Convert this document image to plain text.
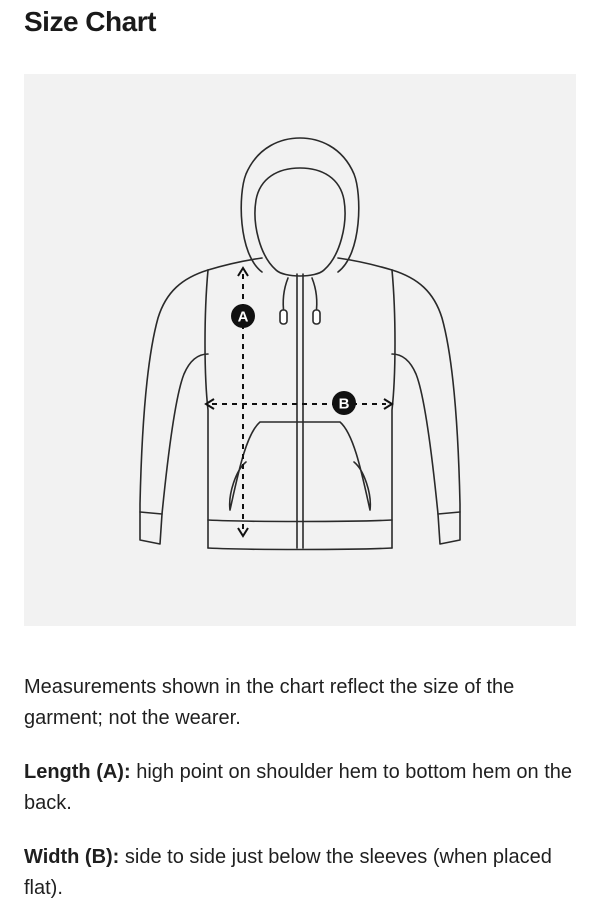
Size Chart
A
B

Measurements shown in the chart reflect the size of the garment; not the wearer.

Length (A): high point on shoulder hem to bottom hem on the back.

Width (B): side to side just below the sleeves (when placed flat).
